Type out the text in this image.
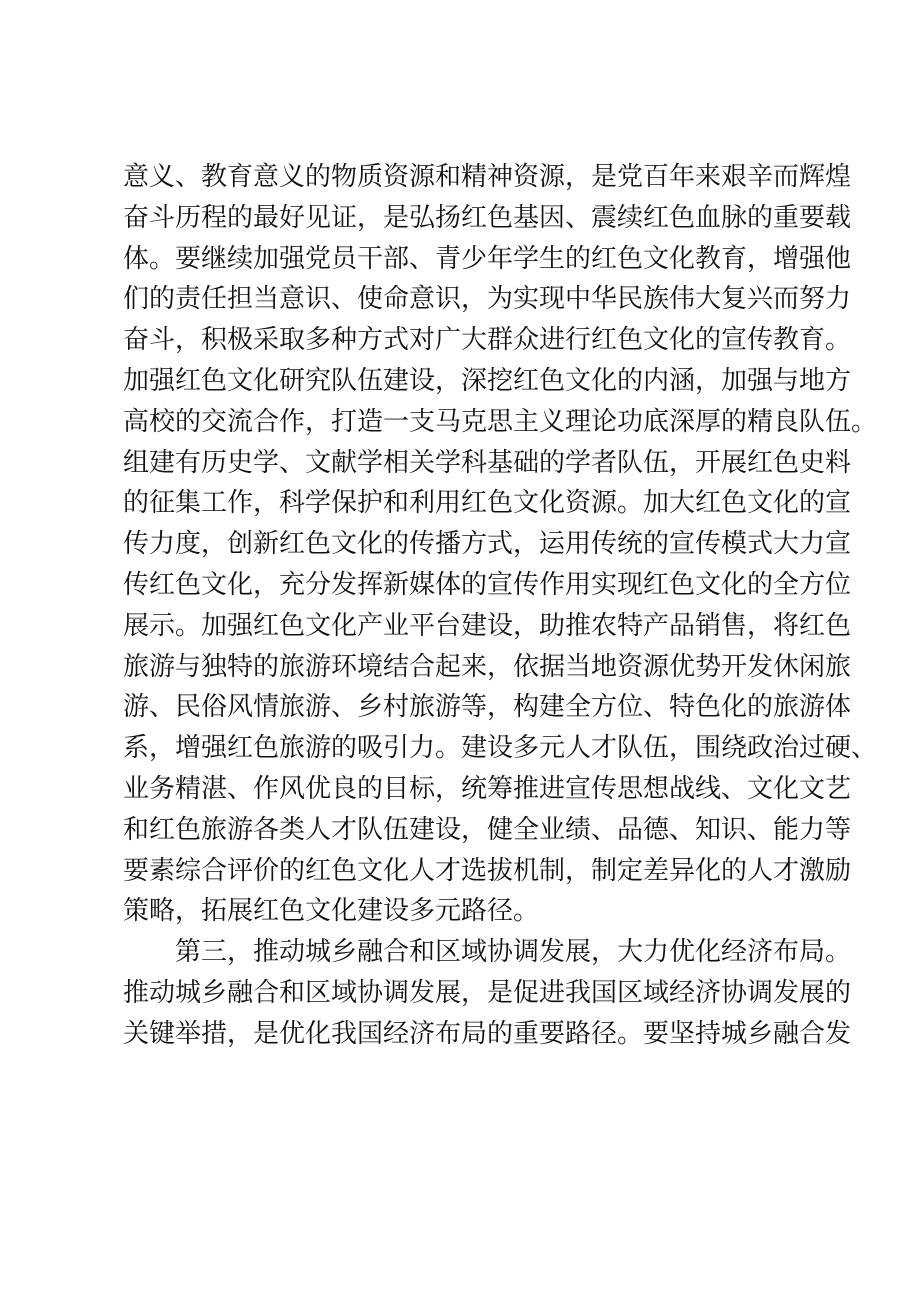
意义、教育意义的物质资源和精神资源，是党百年来艰辛而辉煌
奋斗历程的最好见证，是弘扬红色基因、震续红色血脉的重要载
体。要继续加强党员干部、青少年学生的红色文化教育，增强他
们的责任担当意识、使命意识，为实现中华民族伟大复兴而努力
奋斗，积极采取多种方式对广大群众进行红色文化的宣传教育。
加强红色文化研究队伍建设，深挖红色文化的内涵，加强与地方
高校的交流合作，打造一支马克思主义理论功底深厚的精良队伍。
组建有历史学、文献学相关学科基础的学者队伍，开展红色史料
的征集工作，科学保护和利用红色文化资源。加大红色文化的宣
传力度，创新红色文化的传播方式，运用传统的宣传模式大力宣
传红色文化，充分发挥新媒体的宣传作用实现红色文化的全方位
展示。加强红色文化产业平台建设，助推农特产品销售，将红色
旅游与独特的旅游环境结合起来，依据当地资源优势开发休闲旅
游、民俗风情旅游、乡村旅游等，构建全方位、特色化的旅游体
系，增强红色旅游的吸引力。建设多元人才队伍，围绕政治过硬、
业务精湛、作风优良的目标，统筹推进宣传思想战线、文化文艺
和红色旅游各类人才队伍建设，健全业绩、品德、知识、能力等
要素综合评价的红色文化人才选拔机制，制定差异化的人才激励
策略，拓展红色文化建设多元路径。
第三，推动城乡融合和区域协调发展，大力优化经济布局。
推动城乡融合和区域协调发展，是促进我国区域经济协调发展的
关键举措，是优化我国经济布局的重要路径。要坚持城乡融合发
